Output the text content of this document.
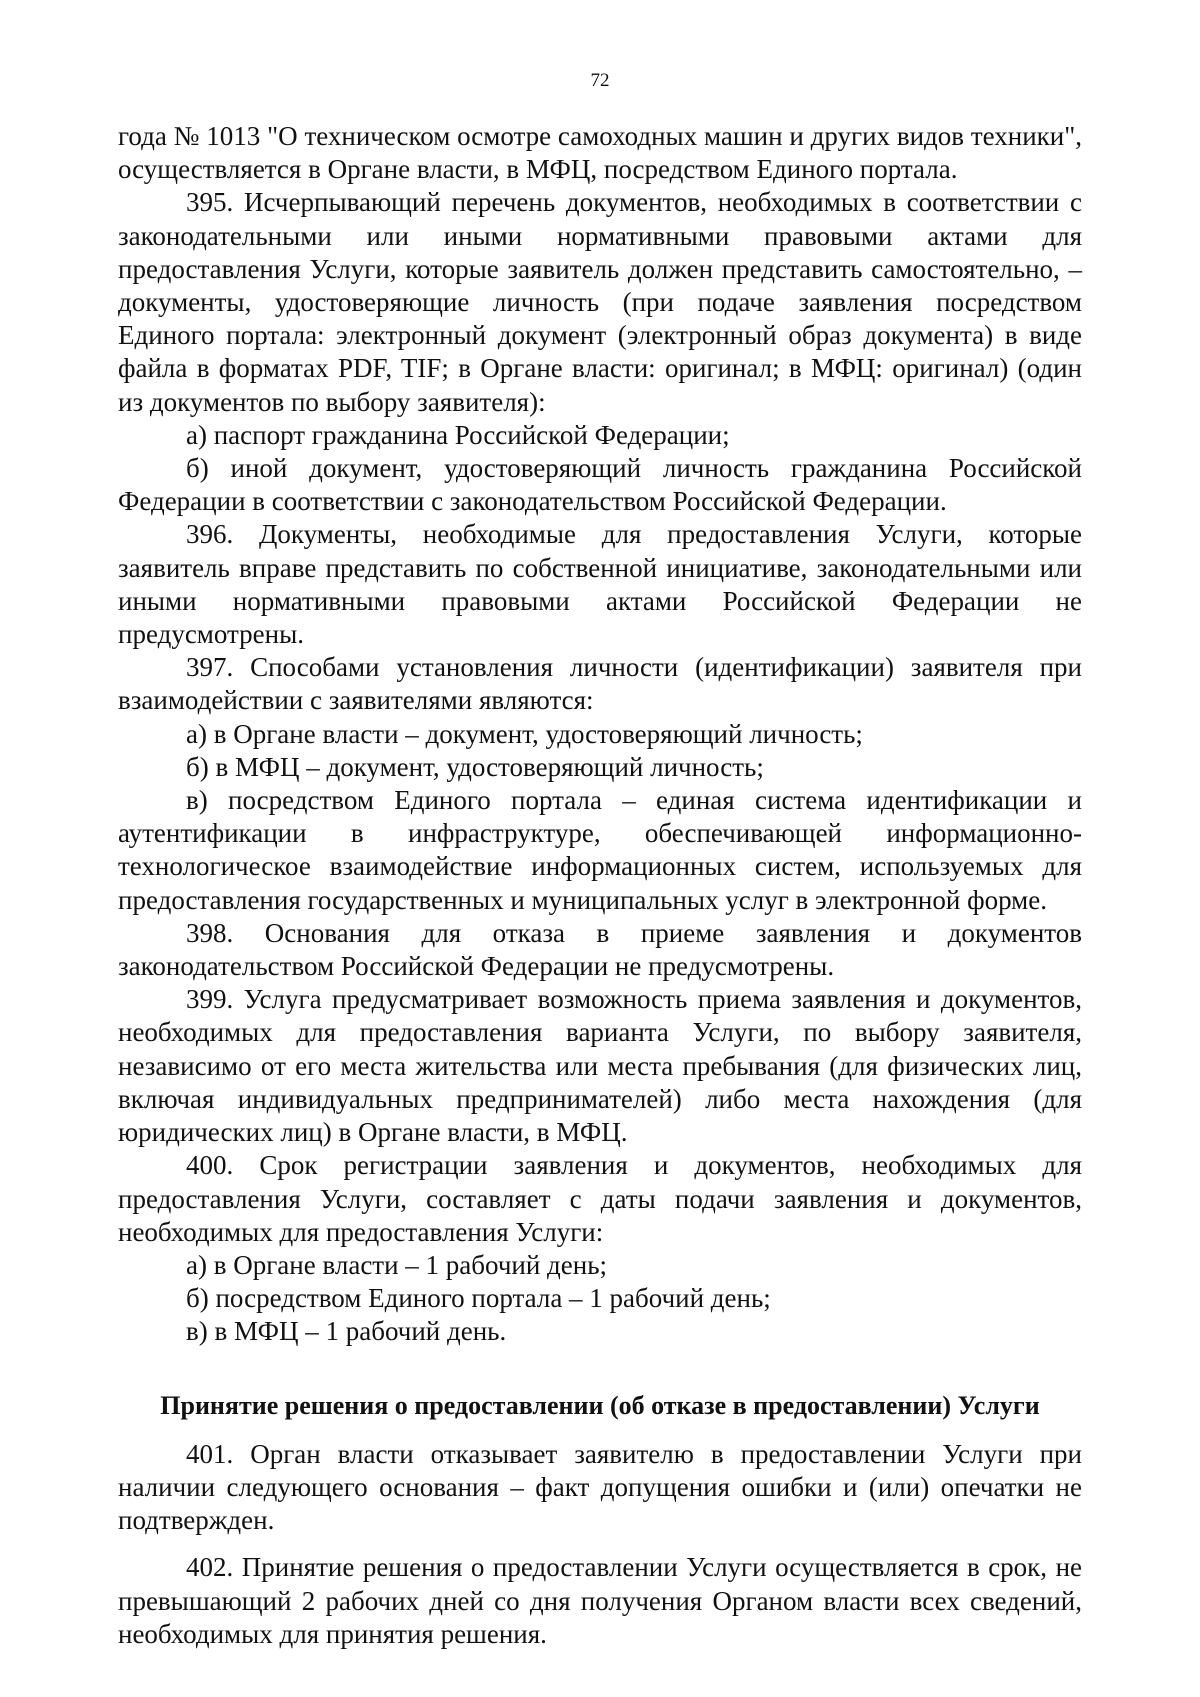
72

года № 1013 "О техническом осмотре самоходных машин и других видов техники", осуществляется в Органе власти, в МФЦ, посредством Единого портала.

395. Исчерпывающий перечень документов, необходимых в соответствии с законодательными или иными нормативными правовыми актами для предоставления Услуги, которые заявитель должен представить самостоятельно, – документы, удостоверяющие личность (при подаче заявления посредством Единого портала: электронный документ (электронный образ документа) в виде файла в форматах PDF, TIF; в Органе власти: оригинал; в МФЦ: оригинал) (один из документов по выбору заявителя):

а) паспорт гражданина Российской Федерации;

б) иной документ, удостоверяющий личность гражданина Российской Федерации в соответствии с законодательством Российской Федерации.

396. Документы, необходимые для предоставления Услуги, которые заявитель вправе представить по собственной инициативе, законодательными или иными нормативными правовыми актами Российской Федерации не предусмотрены.

397. Способами установления личности (идентификации) заявителя при взаимодействии с заявителями являются:

а) в Органе власти – документ, удостоверяющий личность;

б) в МФЦ – документ, удостоверяющий личность;

в) посредством Единого портала – единая система идентификации и аутентификации в инфраструктуре, обеспечивающей информационно-технологическое взаимодействие информационных систем, используемых для предоставления государственных и муниципальных услуг в электронной форме.

398. Основания для отказа в приеме заявления и документов законодательством Российской Федерации не предусмотрены.

399. Услуга предусматривает возможность приема заявления и документов, необходимых для предоставления варианта Услуги, по выбору заявителя, независимо от его места жительства или места пребывания (для физических лиц, включая индивидуальных предпринимателей) либо места нахождения (для юридических лиц) в Органе власти, в МФЦ.

400. Срок регистрации заявления и документов, необходимых для предоставления Услуги, составляет с даты подачи заявления и документов, необходимых для предоставления Услуги:

а) в Органе власти – 1 рабочий день;

б) посредством Единого портала – 1 рабочий день;

в) в МФЦ – 1 рабочий день.

Принятие решения о предоставлении (об отказе в предоставлении) Услуги

401. Орган власти отказывает заявителю в предоставлении Услуги при наличии следующего основания – факт допущения ошибки и (или) опечатки не подтвержден.

402. Принятие решения о предоставлении Услуги осуществляется в срок, не превышающий 2 рабочих дней со дня получения Органом власти всех сведений, необходимых для принятия решения.
